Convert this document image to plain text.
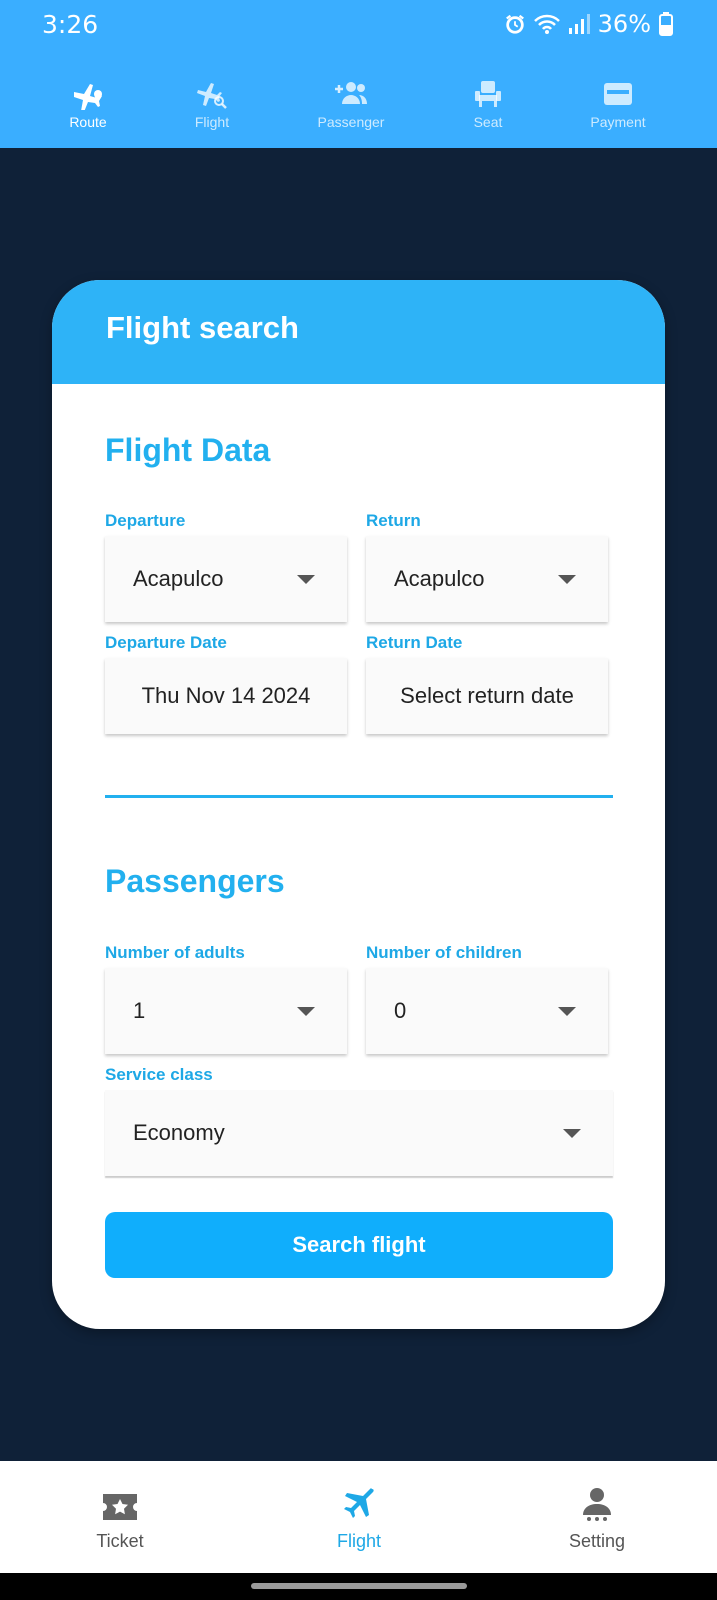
3:26	36%
Route	Flight	Passenger	Seat	Payment
Flight search
Flight Data
Departure
Acapulco
Return
Acapulco
Departure Date
Thu Nov 14 2024
Return Date
Select return date
Passengers
Number of adults
1
Number of children
0
Service class
Economy
Search flight
Ticket	Flight	Setting
